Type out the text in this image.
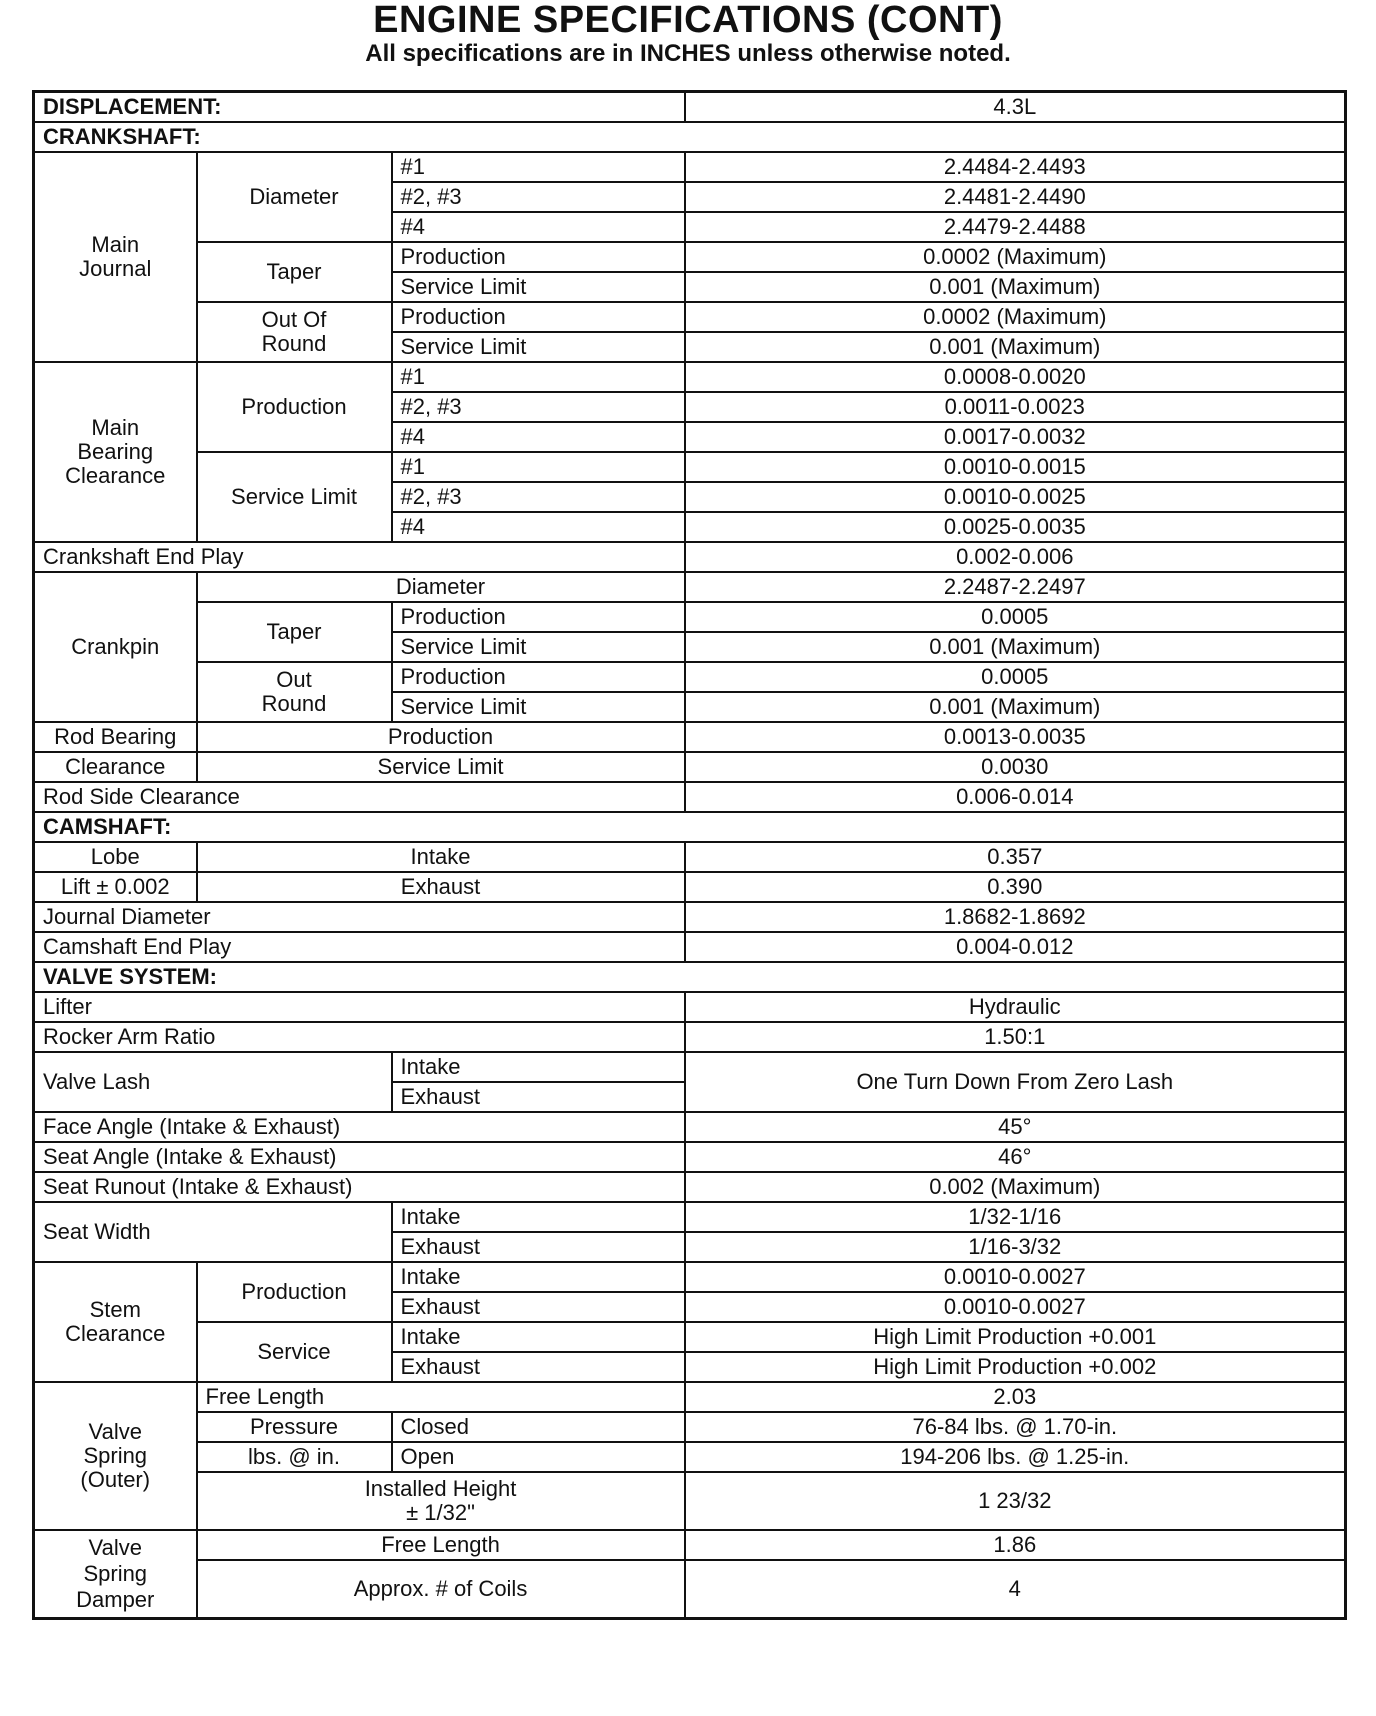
ENGINE SPECIFICATIONS (CONT)
All specifications are in INCHES unless otherwise noted.
DISPLACEMENT:			4.3L
CRANKSHAFT:			
Main
Journal	Diameter	#1	2.4484-2.4493
		#2, #3	2.4481-2.4490
		#4	2.4479-2.4488
	Taper	Production	0.0002 (Maximum)
		Service Limit	0.001 (Maximum)
	Out Of
Round	Production	0.0002 (Maximum)
		Service Limit	0.001 (Maximum)
Main
Bearing
Clearance	Production	#1	0.0008-0.0020
		#2, #3	0.0011-0.0023
		#4	0.0017-0.0032
	Service Limit	#1	0.0010-0.0015
		#2, #3	0.0010-0.0025
		#4	0.0025-0.0035
Crankshaft End Play			0.002-0.006
Crankpin	Diameter		2.2487-2.2497
	Taper	Production	0.0005
		Service Limit	0.001 (Maximum)
	Out
Round	Production	0.0005
		Service Limit	0.001 (Maximum)
Rod Bearing	Production		0.0013-0.0035
Clearance	Service Limit		0.0030
Rod Side Clearance			0.006-0.014
CAMSHAFT:			
Lobe	Intake		0.357
Lift ± 0.002	Exhaust		0.390
Journal Diameter			1.8682-1.8692
Camshaft End Play			0.004-0.012
VALVE SYSTEM:			
Lifter			Hydraulic
Rocker Arm Ratio			1.50:1
Valve Lash		Intake	One Turn Down From Zero Lash
		Exhaust	
Face Angle (Intake & Exhaust)			45°
Seat Angle (Intake & Exhaust)			46°
Seat Runout (Intake & Exhaust)			0.002 (Maximum)
Seat Width		Intake	1/32-1/16
		Exhaust	1/16-3/32
Stem
Clearance	Production	Intake	0.0010-0.0027
		Exhaust	0.0010-0.0027
	Service	Intake	High Limit Production +0.001
		Exhaust	High Limit Production +0.002
Valve
Spring
(Outer)	Free Length		2.03
	Pressure	Closed	76-84 lbs. @ 1.70-in.
	lbs. @ in.	Open	194-206 lbs. @ 1.25-in.
	Installed Height
± 1/32"		1 23/32
Valve
Spring
Damper	Free Length		1.86
	Approx. # of Coils		4
